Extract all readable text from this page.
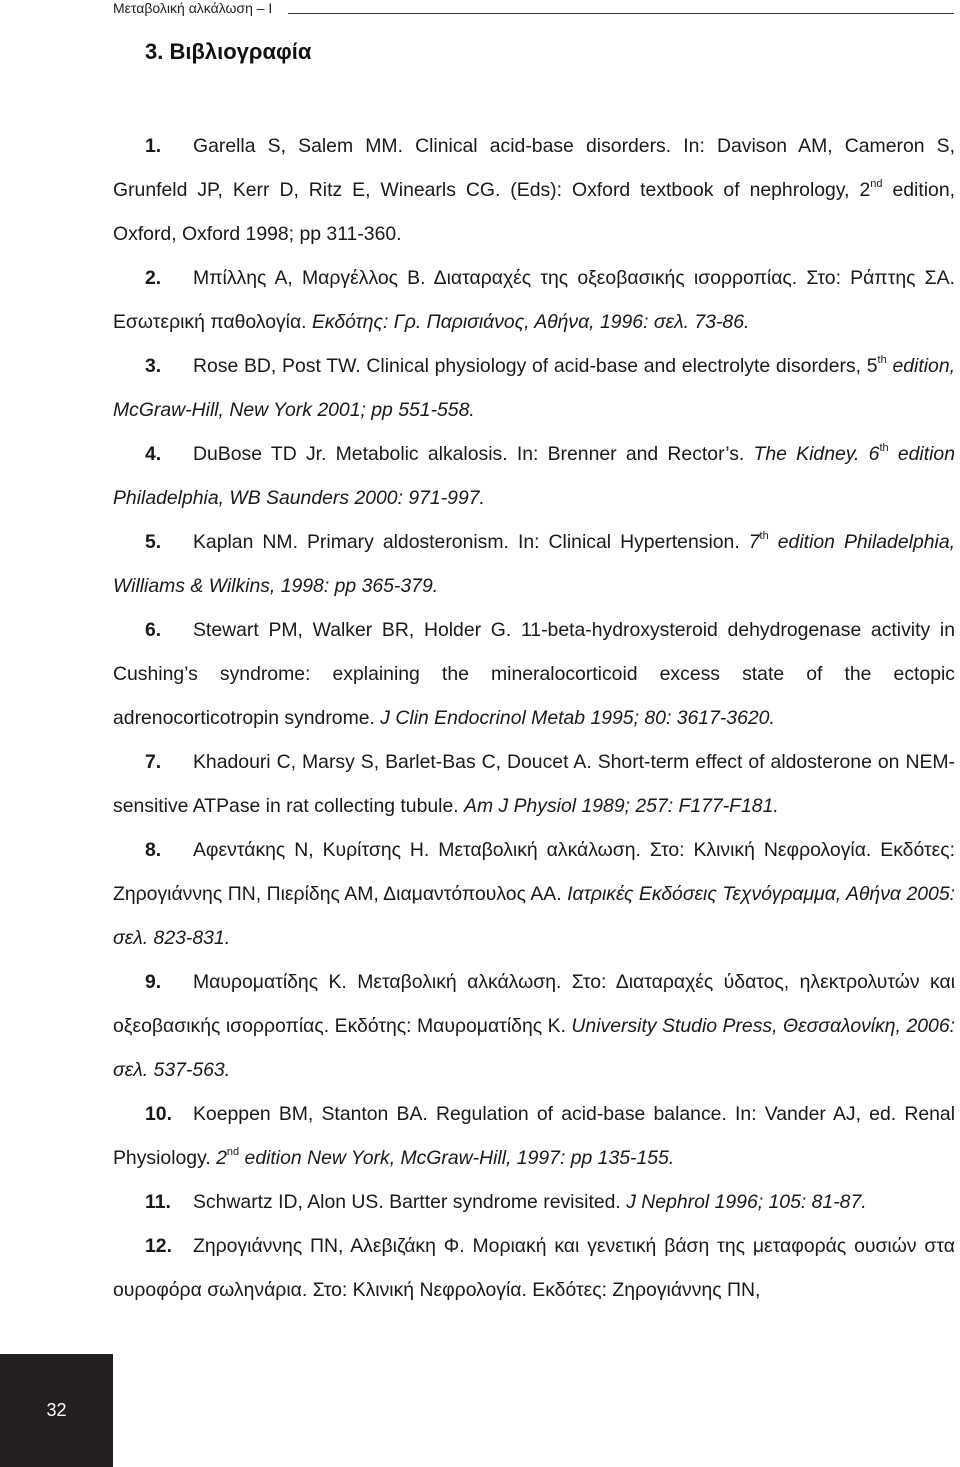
Μεταβολική αλκάλωση – Ι
3. Βιβλιογραφία

1. Garella S, Salem MM. Clinical acid-base disorders. In: Davison AM, Cameron S, Grunfeld JP, Kerr D, Ritz E, Winearls CG. (Eds): Oxford textbook of nephrology, 2nd edition, Oxford, Oxford 1998; pp 311-360.

2. Μπίλλης Α, Μαργέλλος Β. Διαταραχές της οξεοβασικής ισορροπίας. Στο: Ράπτης ΣΑ. Εσωτερική παθολογία. Εκδότης: Γρ. Παρισιάνος, Αθήνα, 1996: σελ. 73-86.

3. Rose BD, Post TW. Clinical physiology of acid-base and electrolyte disorders, 5th edition, McGraw-Hill, New York 2001; pp 551-558.

4. DuBose TD Jr. Metabolic alkalosis. In: Brenner and Rector’s. The Kidney. 6th edition Philadelphia, WB Saunders 2000: 971-997.

5. Kaplan NM. Primary aldosteronism. In: Clinical Hypertension. 7th edition Philadelphia, Williams & Wilkins, 1998: pp 365-379.

6. Stewart PM, Walker BR, Holder G. 11-beta-hydroxysteroid dehydrogenase activity in Cushing’s syndrome: explaining the mineralocorticoid excess state of the ectopic adrenocorticotropin syndrome. J Clin Endocrinol Metab 1995; 80: 3617-3620.

7. Khadouri C, Marsy S, Barlet-Bas C, Doucet A. Short-term effect of aldosterone on NEM-sensitive ATPase in rat collecting tubule. Am J Physiol 1989; 257: F177-F181.

8. Αφεντάκης Ν, Κυρίτσης Η. Μεταβολική αλκάλωση. Στο: Κλινική Νεφρολογία. Εκδότες: Ζηρογιάννης ΠΝ, Πιερίδης ΑΜ, Διαμαντόπουλος ΑΑ. Ιατρικές Εκδόσεις Τεχνόγραμμα, Αθήνα 2005: σελ. 823-831.

9. Μαυροματίδης Κ. Μεταβολική αλκάλωση. Στο: Διαταραχές ύδατος, ηλεκτρολυτών και οξεοβασικής ισορροπίας. Εκδότης: Μαυροματίδης Κ. University Studio Press, Θεσσαλονίκη, 2006: σελ. 537-563.

10. Koeppen BM, Stanton BA. Regulation of acid-base balance. In: Vander AJ, ed. Renal Physiology. 2nd edition New York, McGraw-Hill, 1997: pp 135-155.

11. Schwartz ID, Alon US. Bartter syndrome revisited. J Nephrol 1996; 105: 81-87.

12. Ζηρογιάννης ΠΝ, Αλεβιζάκη Φ. Μοριακή και γενετική βάση της μεταφοράς ουσιών στα ουροφόρα σωληνάρια. Στο: Κλινική Νεφρολογία. Εκδότες: Ζηρογιάννης ΠΝ,

32
